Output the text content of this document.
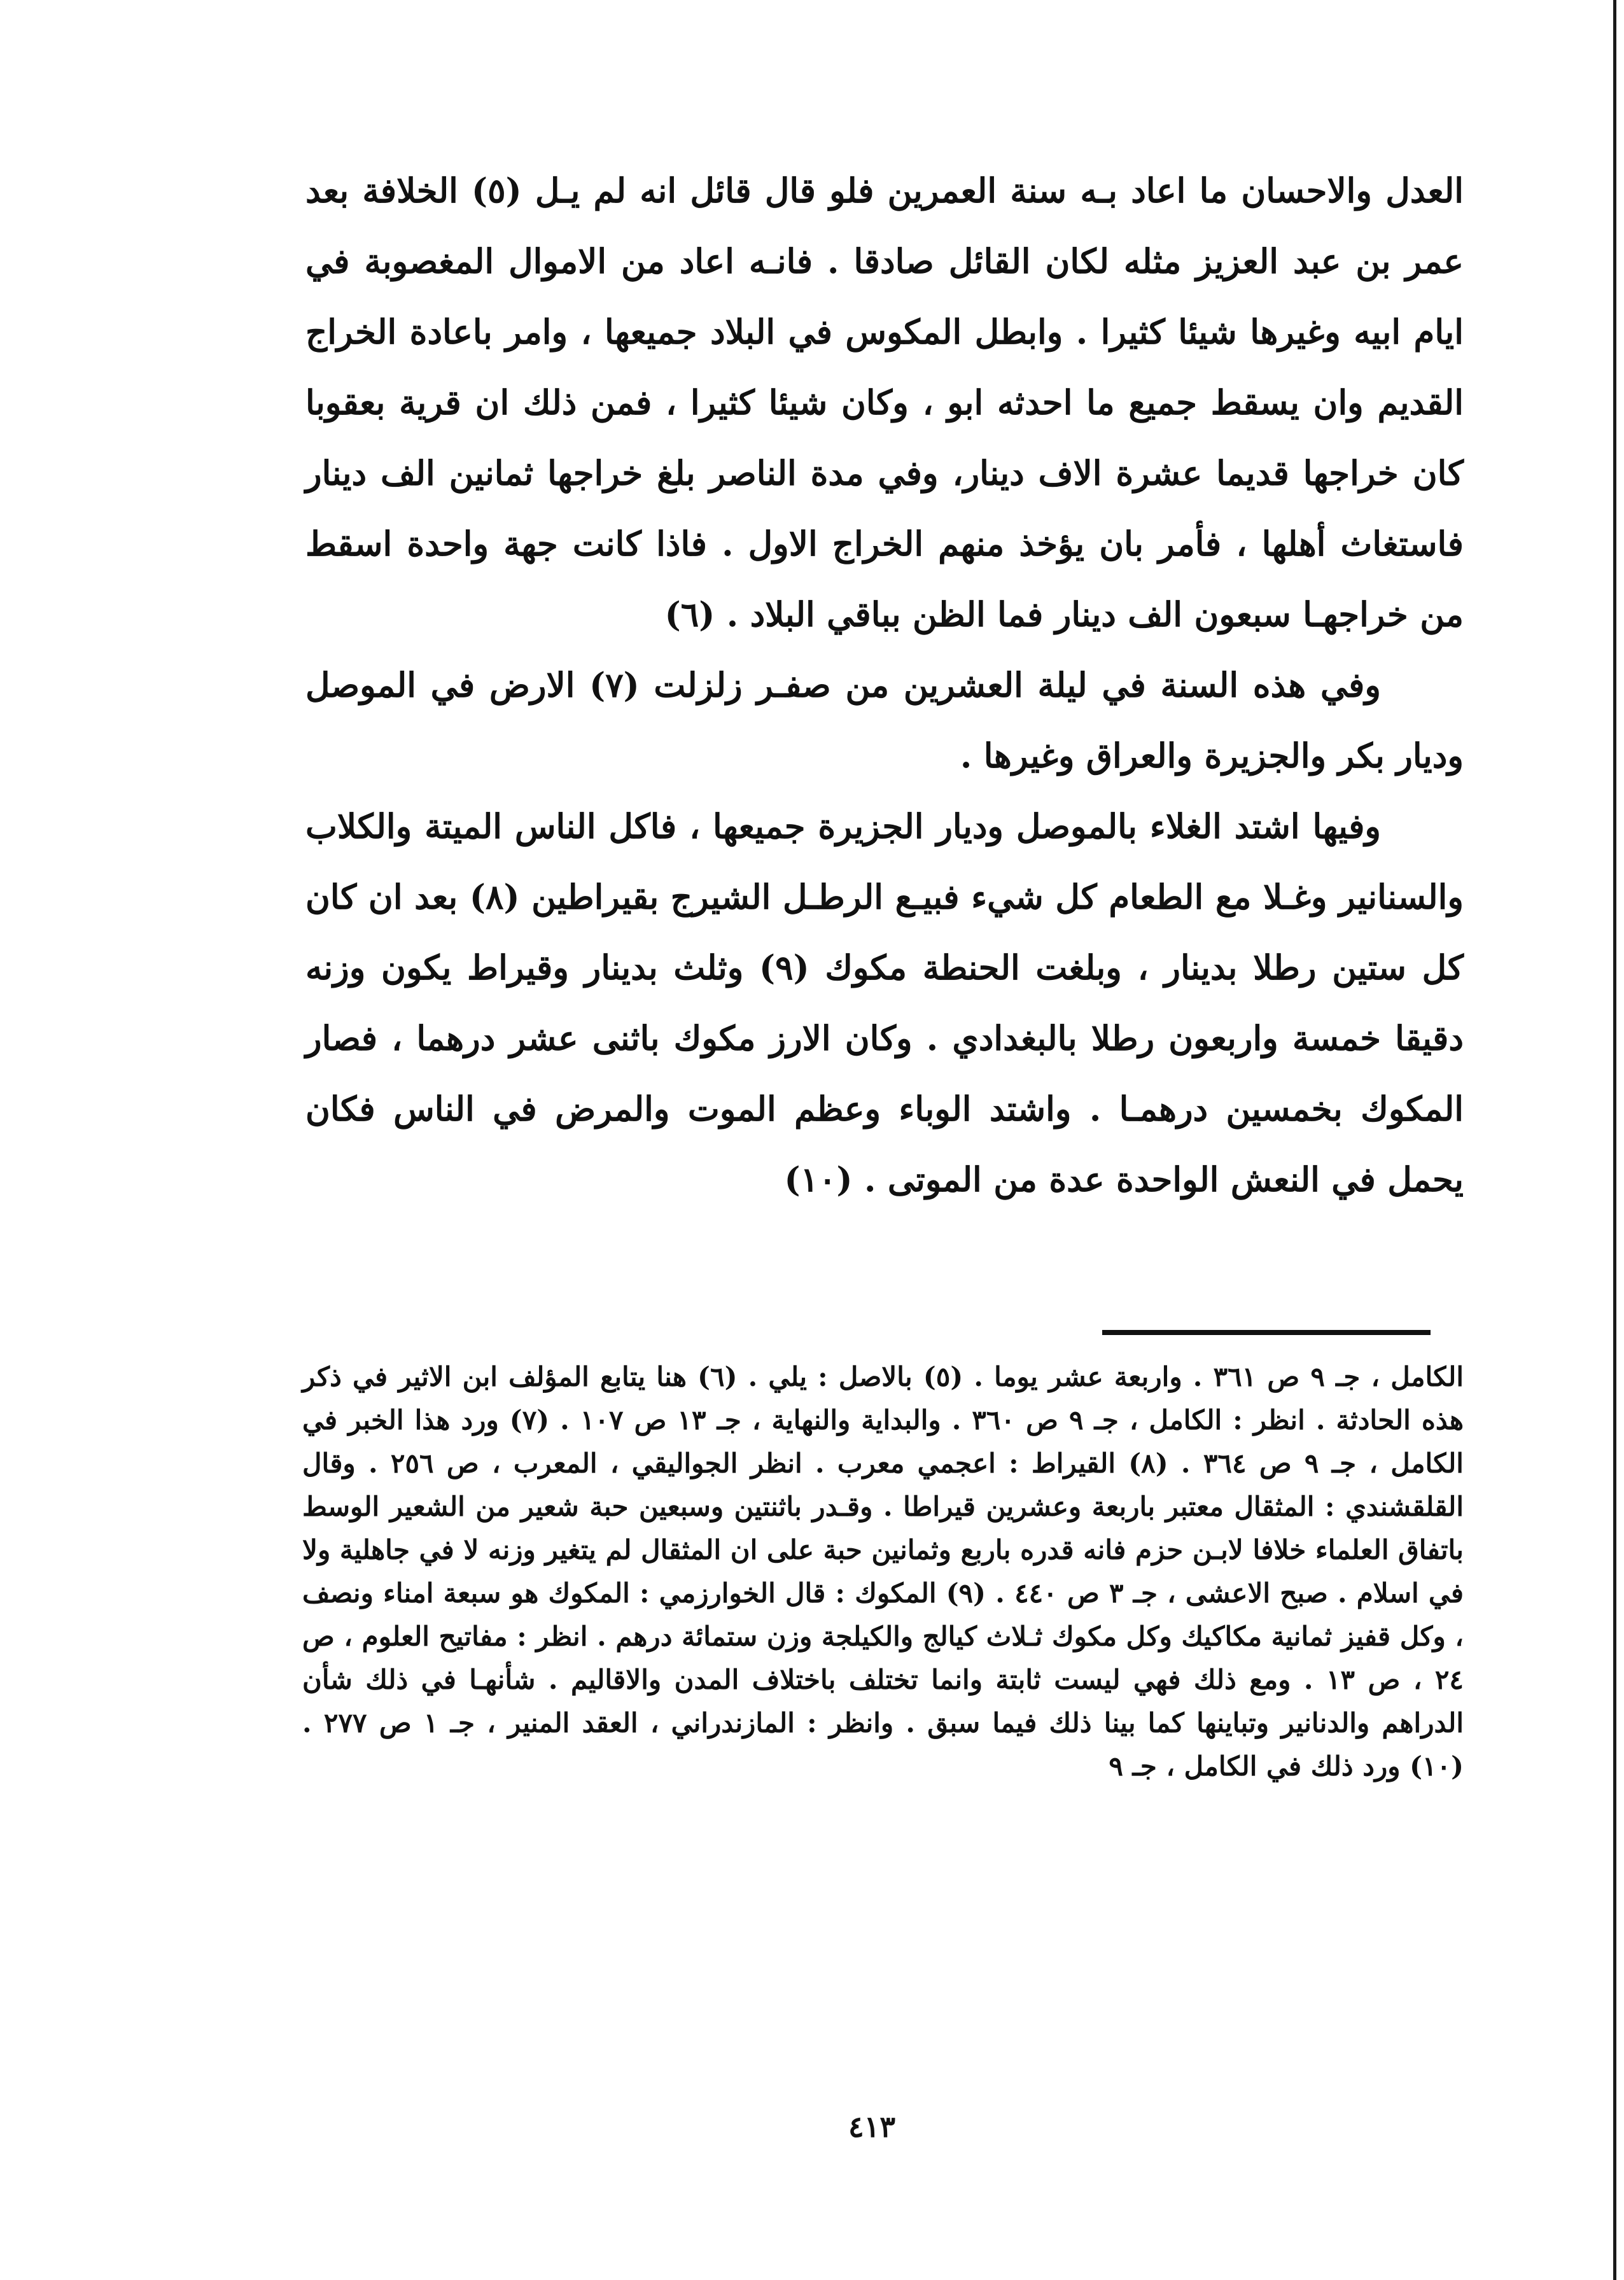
العدل والاحسان ما اعاد بـه سنة العمرين فلو قال قائل انه لم يـل (٥) الخلافة بعد عمر بن عبد العزيز مثله لكان القائل صادقا . فانـه اعاد من الاموال المغصوبة في ايام ابيه وغيرها شيئا كثيرا . وابطل المكوس في البلاد جميعها ، وامر باعادة الخراج القديم وان يسقط جميع ما احدثه ابو ، وكان شيئا كثيرا ، فمن ذلك ان قرية بعقوبا كان خراجها قديما عشرة الاف دينار، وفي مدة الناصر بلغ خراجها ثمانين الف دينار فاستغاث أهلها ، فأمر بان يؤخذ منهم الخراج الاول . فاذا كانت جهة واحدة اسقط من خراجهـا سبعون الف دينار فما الظن بباقي البلاد . (٦)

وفي هذه السنة في ليلة العشرين من صفـر زلزلت (٧) الارض في الموصل وديار بكر والجزيرة والعراق وغيرها .

وفيها اشتد الغلاء بالموصل وديار الجزيرة جميعها ، فاكل الناس الميتة والكلاب والسنانير وغـلا مع الطعام كل شيء فبيـع الرطـل الشيرج بقيراطين (٨) بعد ان كان كل ستين رطلا بدينار ، وبلغت الحنطة مكوك (٩) وثلث بدينار وقيراط يكون وزنه دقيقا خمسة واربعون رطلا بالبغدادي . وكان الارز مكوك باثنى عشر درهما ، فصار المكوك بخمسين درهمـا . واشتد الوباء وعظم الموت والمرض في الناس فكان يحمل في النعش الواحدة عدة من الموتى . (١٠)

الكامل ، جـ ٩ ص ٣٦١ . واربعة عشر يوما . (٥) بالاصل : يلي . (٦) هنا يتابع المؤلف ابن الاثير في ذكر هذه الحادثة . انظر : الكامل ، جـ ٩ ص ٣٦٠ . والبداية والنهاية ، جـ ١٣ ص ١٠٧ . (٧) ورد هذا الخبر في الكامل ، جـ ٩ ص ٣٦٤ . (٨) القيراط : اعجمي معرب . انظر الجواليقي ، المعرب ، ص ٢٥٦ . وقال القلقشندي : المثقال معتبر باربعة وعشرين قيراطا . وقـدر باثنتين وسبعين حبة شعير من الشعير الوسط باتفاق العلماء خلافا لابـن حزم فانه قدره باربع وثمانين حبة على ان المثقال لم يتغير وزنه لا في جاهلية ولا في اسلام . صبح الاعشى ، جـ ٣ ص ٤٤٠ . (٩) المكوك : قال الخوارزمي : المكوك هو سبعة امناء ونصف ، وكل قفيز ثمانية مكاكيك وكل مكوك ثـلاث كيالج والكيلجة وزن ستمائة درهم . انظر : مفاتيح العلوم ، ص ٢٤ ، ص ١٣ . ومع ذلك فهي ليست ثابتة وانما تختلف باختلاف المدن والاقاليم . شأنهـا في ذلك شأن الدراهم والدنانير وتباينها كما بينا ذلك فيما سبق . وانظر : المازندراني ، العقد المنير ، جـ ١ ص ٢٧٧ . (١٠) ورد ذلك في الكامل ، جـ ٩

٤١٣
